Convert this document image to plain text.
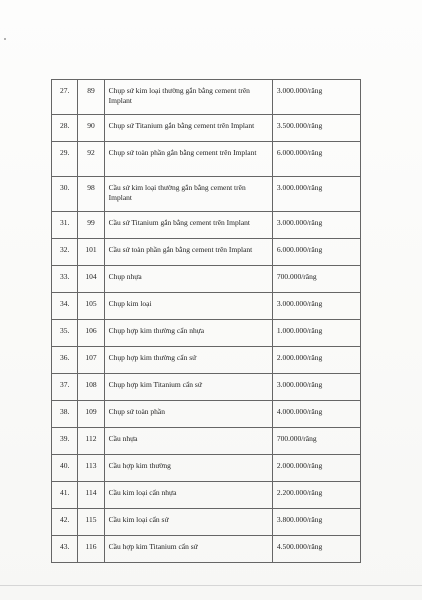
27.	89	Chụp sứ kim loại thường gắn bằng cement trên Implant	3.000.000/răng
28.	90	Chụp sứ Titanium gắn bằng cement trên Implant	3.500.000/răng
29.	92	Chụp sứ toàn phần gắn bằng cement trên Implant	6.000.000/răng
30.	98	Cầu sứ kim loại thường gắn bằng cement trên Implant	3.000.000/răng
31.	99	Cầu sứ Titanium gắn bằng cement trên Implant	3.000.000/răng
32.	101	Cầu sứ toàn phần gắn bằng cement trên Implant	6.000.000/răng
33.	104	Chụp nhựa	700.000/răng
34.	105	Chụp kim loại	3.000.000/răng
35.	106	Chụp hợp kim thường cẩn nhựa	1.000.000/răng
36.	107	Chụp hợp kim thường cẩn sứ	2.000.000/răng
37.	108	Chụp hợp kim Titanium cẩn sứ	3.000.000/răng
38.	109	Chụp sứ toàn phần	4.000.000/răng
39.	112	Cầu nhựa	700.000/răng
40.	113	Cầu hợp kim thường	2.000.000/răng
41.	114	Cầu kim loại cẩn nhựa	2.200.000/răng
42.	115	Cầu kim loại cẩn sứ	3.800.000/răng
43.	116	Cầu hợp kim Titanium cẩn sứ	4.500.000/răng
